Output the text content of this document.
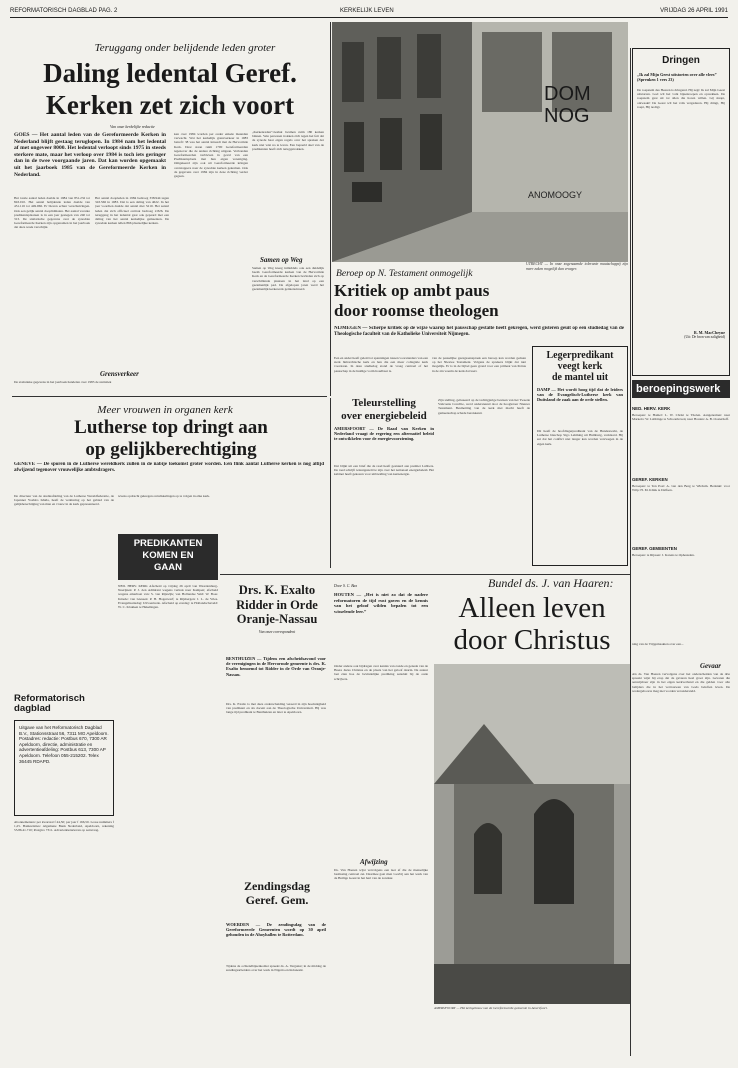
REFORMATORISCH DAGBLAD PAG. 2	KERKELIJK LEVEN	VRIJDAG 26 APRIL 1991
Teruggang onder belijdende leden groter
Daling ledental Geref.
Kerken zet zich voort
Van onze kerkelijke redactie
GOES — Het aantal leden van de Gereformeerde Kerken in Nederland blijft gestaag teruglopen. In 1984 nam het ledental af met ongeveer 8000. Het ledental verloopt sinds 1975 in steeds sterkere mate, maar het verloop over 1984 is toch iets geringer dan in de twee voorgaande jaren. Dat kan worden opgemaakt uit het jaarboek 1985 van de Gereformeerde Kerken in Nederland.
Het totale aantal leden daalde in 1984 van 851.232 tot 843.010. Het aantal belijdende leden daalde van 451.116 tot 449.066. Er bleven echter verschuivingen. Ook een gelijk aantal dooplidmaten. Het aantal vacante predikantsplaatsen is in een jaar gestegen van 240 tot 313. De statistische gegevens over de synodale Gereformeerde Kerken zijn opgenomen in het jaarboek dat deze week verschijnt.
Het aantal doopleden in 1984 bedroeg 338.944 tegen 343.566 in 1983. Dat is een daling van 4622. In het jaar voordien daalde dat aantal met 5210. Het aantal leden dat zich officieel onttrok bedroeg 2.826. De teruggang in het ledental gaat ook gepaard met een daling van het aantal kerkelijke gemeenten. De synodale kerken tellen 866 plaatselijke kerken.
Grensverkeer
De statistieke gegevens in het jaarboek handelen over 1983 de statistiek
ken over 1984 worden per ouder enkele maanden verwacht. Wat het kerkelijk grensverkeer in 1983 betreft: 38 was het aantal intreedt met de Hervormde Kerk. Daar staan ruim 1700 Gereformeerden tegenover die de andere richting uitgaan. Verbonden Gereformeerden verbleven in geval van een Predikantsplaats met hun eigen vereniging. Omgekeerd zijn ook uit Gereformeerde kringen overstappers naar de synodale kerken gekomen. Ook de gegevens over 1984 zijn in deze richting verder gegaan.
Samen op Weg
„Kerkenraden”-beshut lwamen ruim 180 kerken binnen. Vele personen trokken zich tegen het feit dat de synode haar eigen regels over het spreken der kerk niet wist na te leven. Een bepaald deel van de predikanten heeft zich teruggetrokken.
Samen op Weg kreeg inmiddels ook een duidelijk beeld. Gereformeerde kerken van de Hervormde Kerk en de Gereformeerde Kerken bevinden zich op verschillende plaatsen in het land op een gezamenlijk pad. De afgelopen jaren werd het gezamenlijk kerkewerk geintensiveerd.
DOM
NOG
ANOMOOGY
UTRECHT — In onze zogenaamde tolerante maatschappij zijn meer zaken mogelijk dan vroeger.
Dringen
„Ik zal Mijn Geest uitstorten over alle vlees” (Spreuken 1 vers 23)
De roepstem des Heeren is dringend. Hij zegt: Ik zal Mijn Geest uitstorten. God wil het volk bijeenroepen en opwekken. De roepstem gaat uit tot allen die horen willen. Gij slaapt, ontwaakt! De Geest wil het volk vergaderen. Hij dringt, Hij roept, Hij nodigt.
R. M. MacCheyne
(Uit: De bron van zaligheid)
Beroep op N. Testament onmogelijk
Kritiek op ambt paus
door roomse theologen
NIJMEGEN — Scherpe kritiek op de wijze waarop het pausschap gestalte heeft gekregen, werd gisteren geuit op een studiedag van de Theologische faculteit van de Katholieke Universiteit Nijmegen.
Een en ander heeft geleid tot spanningen tussen voorstanders van een sterk hiërarchische kerk en hen die een meer collegiale kerk voorstaan. In deze studiedag stond de vraag centraal of het pausschap in de huidige vorm houdbaar is.
van de pauselijke gezagsaanspraak een beroep kan worden gedaan op het Nieuwe Testament. Volgens de sprekers blijkt dat niet mogelijk. Er is in de bijbel geen grond voor een primaat van Petrus in de zin waarin de kerk dat leert.
Teleurstelling
over energiebeleid
AMERSFOORT — De Raad van Kerken in Nederland vraagt de regering een alternatief beleid te ontwikkelen voor de energievoorziening.
Dat blijkt uit een brief die de raad heeft gestuurd aan premier Lubbers. De raad schrijft teleurgesteld te zijn over het nationaal energiebeleid. Het kabinet heeft gekozen voor uitbreiding van kernenergie.
Zijn stelling, gebaseerd op de tachtigjarige bestaan van het Tweede Vaticaans Concilie, werd ondersteund door de hoogleraar Nieuwe Testament. Besmetting van de kerk met macht heeft de gemeenschap schade berokkend.
Legerpredikant
veegt kerk
de mantel uit
DAMP — Het wordt hoog tijd dat de leiders van de Evangelisch-Lutherse kerk van Duitsland de zaak aan de orde stellen.
Dit heeft de hoofdlegerpredikant van de Bundeswehr, de Lutherse bisschop Sigo Lehming uit Hamburg, verklaard. Hij zei dat het conflict niet langer kan worden verzwegen in de eigen kerk.
beroepingswerk
NED. HERV. KERK
Beroepen: te Hamel: L. W. Christ te Tholen. Aangenomen: naar Markelo: W. Lubbinge te Schoonhoven; naar Houten: A. B. Oosterhoff.
GEREF. KERKEN
Beroepen: te Ten Post: A. van den Berg te Wirdum. Bedankt: voor Wilp: H. M. Klink te Dalfsen.
GEREF. GEMEENTEN
Beroepen: te Rijssen: J. Karens te Opheusden.
Meer vrouwen in organen kerk
Lutherse top dringt aan
op gelijkberechtiging
GENÈVE — De sporen in de Lutherse wereldkerk zullen in de nabije toekomst groter worden. Een flink aantal Lutherse kerken is nog altijd afwijzend tegenover vrouwelijke ambtsdragers.
De directeur van de studieafdeling van de Lutherse Wereldfederatie, de Japanner Yoshiro Ishida, heeft de verklaring op het gebied van de gelijkberechtiging van man en vrouw in de kerk gepresenteerd.
tevens opdracht gekregen ontwikkelingen op te volgen in elke kerk.
PREDIKANTEN
KOMEN EN
GAAN
NED. HERV. KERK Afscheid op vrijdag 26 april van Waardenburg-Neerijnen: P. J. den Admirant wegens vertrek naar Kampen; afscheid wegens emeritaat van: S. van Rijswijk; van Hollandse Veld: W. Boer. Intrede: van Giessen: P. H. Hogerwerf; te Rijsbergen: J. L. de Vries. Evangelisatiedag: Uitvaartrede. Afscheid op zondag: te Hollandscheveld: W. C. Klokken te Hekelingen.
Reformatorisch
dagblad
Uitgave van het Reformatorisch Dagblad B.V., Stationsstraat 56, 7311 MG Apeldoorn. Postadres: redactie: Postbus 670, 7300 AR Apeldoorn, directie, administratie en advertentieafdeling: Postbus 613, 7300 AP Apeldoorn. Telefoon 055-215202. Telex 36445 RDAPD.
Abonnementen: per kwartaal f 44,50; per jaar f 166,50. Losse nummers f 1,25. Bankrelaties: Algemene Bank Nederland, Apeldoorn, rekening 55.86.41.710; Postgiro 7311. Advertentietarieven op aanvraag.
Drs. K. Exalto
Ridder in Orde
Oranje-Nassau
Van onze correspondent
BENTHUIZEN — Tijdens een afscheidsavond voor de verenigingen in de Hervormde gemeente is drs. K. Exalto benoemd tot Ridder in de Orde van Oranje-Nassau.
Drs. K. Exalto is met deze onderscheiding vereerd in zijn hoedanigheid van predikant en als docent aan de Theologische Universiteit. Hij was lange tijd predikant te Benthuizen en later te Apeldoorn.
Zendingsdag
Geref. Gem.
WOERDEN — De zendingsdag van de Gereformeerde Gemeenten wordt op 30 april gehouden in de Ahoyhallen te Rotterdam.
Tijdens de ochtendbijeenkomst spreekt ds. A. Vergunst; in de middag de zendingsarbeiders over het werk in Nigeria en Indonesië.
Door S. C. Bax
HOUTEN — „Het is niet zo dat de nadere reformatoren de tijd rust gaven en de kennis van het geloof wilden bepalen tot een wisselende leer.”
Onder andere ook bijdragen over kennis van zonde en genade van de Heere Jezus Christus en de plaats van het geloof daarin. De auteur laat zien hoe de bevindelijke prediking aansluit bij de oude schrijvers.
Afwijzing
Ds. Van Haaren wijst vervolgens een leer af die de menselijke beslissing centraal zet. Daarmee gaat men voorbij aan het werk van de Heilige Geest in het hart van de zondaar.
Bundel ds. J. van Haaren:
Alleen leven
door Christus
AMERSFOORT — Het kerkgebouw van de Gereformeerde gemeente in Amersfoort.
ning van de Vrijgemaakten over een...
Gevaar
Als ds. Van Haaren vervolgens over het onderscheiden van de drie spreekt wijst hij erop dat de gevaren heel groot zijn. Gevaren die aanwijsbaar zijn in het eigen kerkverband en die gelden voor alle belijders die in het vertrouwen van Gods beloften leven. De wedergeboorte mag niet worden verondersteld.
